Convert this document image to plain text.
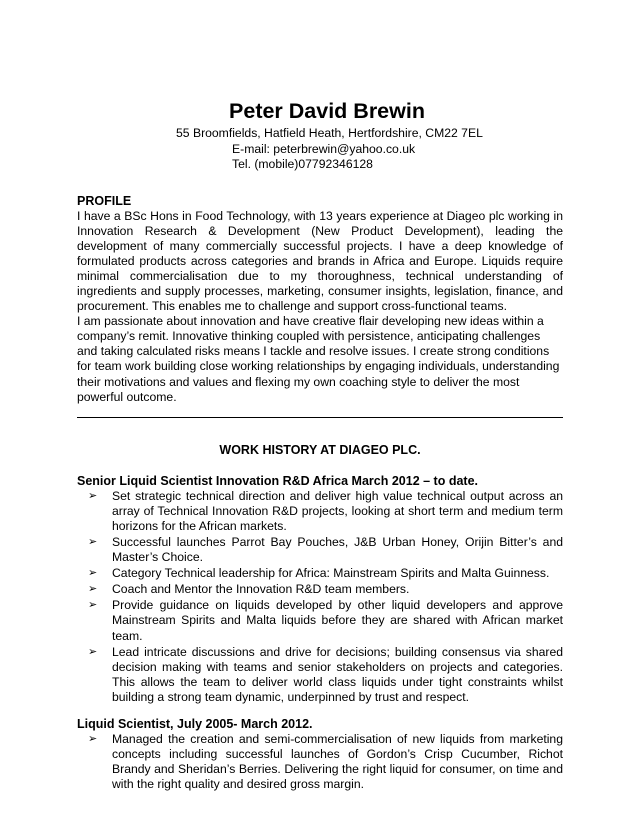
Peter David Brewin
55 Broomfields, Hatfield Heath, Hertfordshire, CM22 7EL
E-mail: peterbrewin@yahoo.co.uk
Tel. (mobile)07792346128
PROFILE

I have a BSc Hons in Food Technology, with 13 years experience at Diageo plc working in Innovation Research & Development (New Product Development), leading the development of many commercially successful projects. I have a deep knowledge of formulated products across categories and brands in Africa and Europe. Liquids require minimal commercialisation due to my thoroughness, technical understanding of ingredients and supply processes, marketing, consumer insights, legislation, finance, and procurement. This enables me to challenge and support cross-functional teams.

I am passionate about innovation and have creative flair developing new ideas within a company’s remit. Innovative thinking coupled with persistence, anticipating challenges and taking calculated risks means I tackle and resolve issues. I create strong conditions for team work building close working relationships by engaging individuals, understanding their motivations and values and flexing my own coaching style to deliver the most powerful outcome.

WORK HISTORY AT DIAGEO PLC.
Senior Liquid Scientist Innovation R&D Africa March 2012 – to date.
➢ Set strategic technical direction and deliver high value technical output across an array of Technical Innovation R&D projects, looking at short term and medium term horizons for the African markets.
➢ Successful launches Parrot Bay Pouches, J&B Urban Honey, Orijin Bitter’s and Master’s Choice.
➢ Category Technical leadership for Africa: Mainstream Spirits and Malta Guinness.
➢ Coach and Mentor the Innovation R&D team members.
➢ Provide guidance on liquids developed by other liquid developers and approve Mainstream Spirits and Malta liquids before they are shared with African market team.
➢ Lead intricate discussions and drive for decisions; building consensus via shared decision making with teams and senior stakeholders on projects and categories. This allows the team to deliver world class liquids under tight constraints whilst building a strong team dynamic, underpinned by trust and respect.
Liquid Scientist, July 2005- March 2012.
➢ Managed the creation and semi-commercialisation of new liquids from marketing concepts including successful launches of Gordon’s Crisp Cucumber, Richot Brandy and Sheridan’s Berries. Delivering the right liquid for consumer, on time and with the right quality and desired gross margin.
